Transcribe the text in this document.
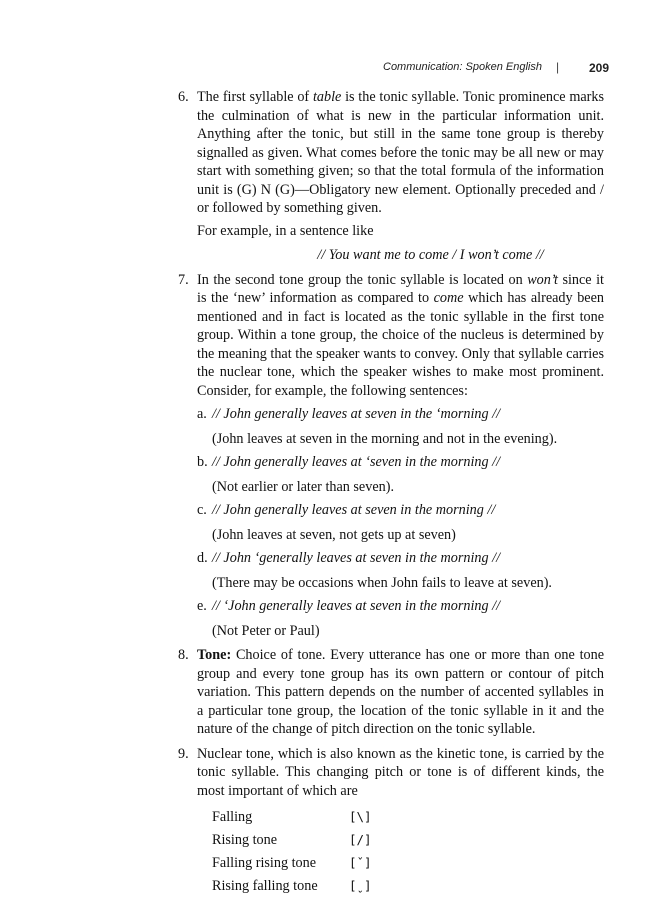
Communication: Spoken English | 209
6. The first syllable of table is the tonic syllable. Tonic prominence marks the culmination of what is new in the particular information unit. Anything after the tonic, but still in the same tone group is thereby signalled as given. What comes before the tonic may be all new or may start with something given; so that the total formula of the information unit is (G) N (G)—Obligatory new element. Optionally preceded and / or followed by something given.

For example, in a sentence like

// You want me to come / I won’t come //

7. In the second tone group the tonic syllable is located on won’t since it is the ‘new’ information as compared to come which has already been mentioned and in fact is located as the tonic syllable in the first tone group. Within a tone group, the choice of the nucleus is determined by the meaning that the speaker wants to convey. Only that syllable carries the nuclear tone, which the speaker wishes to make most prominent. Consider, for example, the following sentences:

a. // John generally leaves at seven in the ‘morning //
(John leaves at seven in the morning and not in the evening).
b. // John generally leaves at ‘seven in the morning //
(Not earlier or later than seven).
c. // John generally leaves at seven in the morning //
(John leaves at seven, not gets up at seven)
d. // John ‘generally leaves at seven in the morning //
(There may be occasions when John fails to leave at seven).
e. // ‘John generally leaves at seven in the morning //
(Not Peter or Paul)
8. Tone: Choice of tone. Every utterance has one or more than one tone group and every tone group has its own pattern or contour of pitch variation. This pattern depends on the number of accented syllables in a particular tone group, the location of the tonic syllable in it and the nature of the change of pitch direction on the tonic syllable.

9. Nuclear tone, which is also known as the kinetic tone, is carried by the tonic syllable. This changing pitch or tone is of different kinds, the most important of which are

Falling	[\]
Rising tone	[/]
Falling rising tone	[ˇ]
Rising falling tone	[ˬ]
